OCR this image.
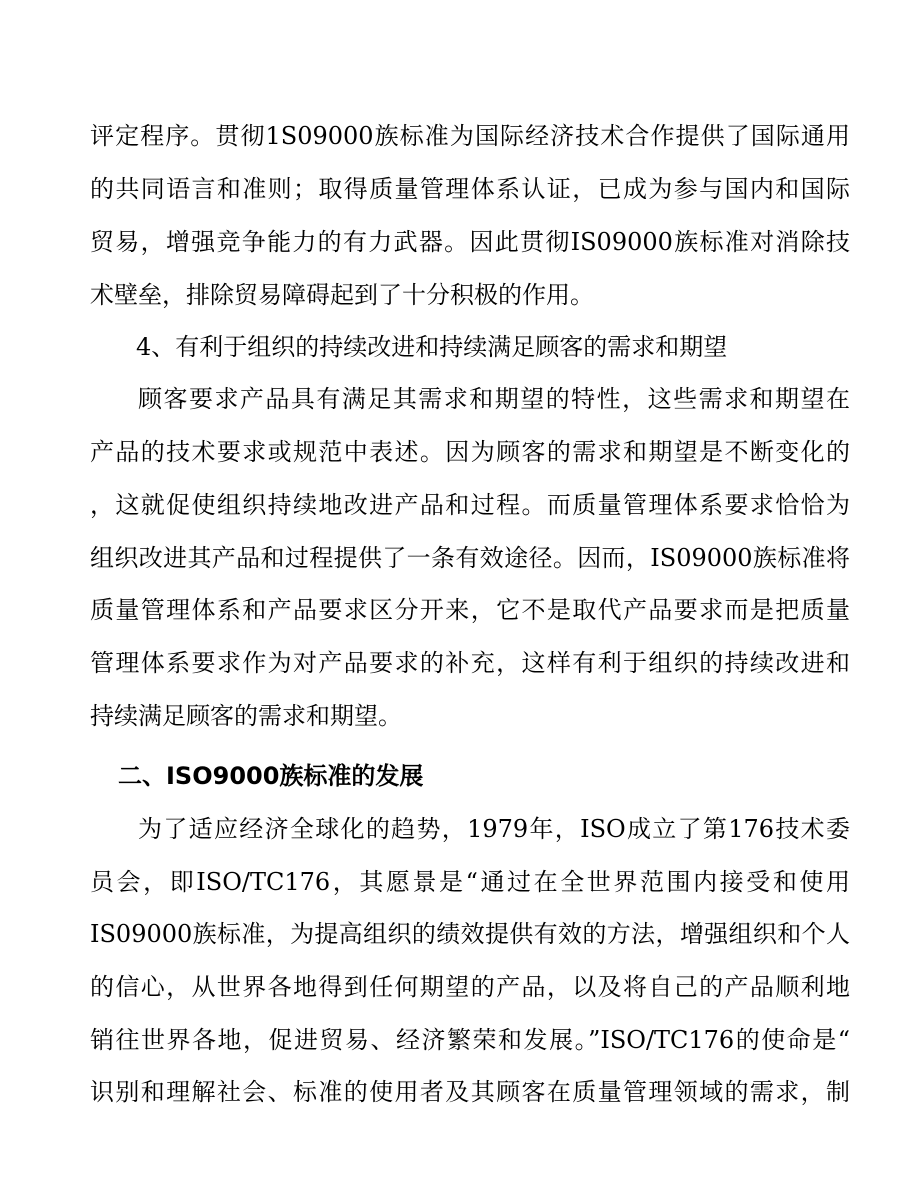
评定程序。贯彻1S09000族标准为国际经济技术合作提供了国际通用
的共同语言和准则；取得质量管理体系认证，已成为参与国内和国际
贸易，增强竞争能力的有力武器。因此贯彻IS09000族标准对消除技
术壁垒，排除贸易障碍起到了十分积极的作用。
4、有利于组织的持续改进和持续满足顾客的需求和期望
顾客要求产品具有满足其需求和期望的特性，这些需求和期望在
产品的技术要求或规范中表述。因为顾客的需求和期望是不断变化的
，这就促使组织持续地改进产品和过程。而质量管理体系要求恰恰为
组织改进其产品和过程提供了一条有效途径。因而，IS09000族标准将
质量管理体系和产品要求区分开来，它不是取代产品要求而是把质量
管理体系要求作为对产品要求的补充，这样有利于组织的持续改进和
持续满足顾客的需求和期望。
二、ISO9000族标准的发展
为了适应经济全球化的趋势，1979年，ISO成立了第176技术委
员会，即ISO/TC176，其愿景是“通过在全世界范围内接受和使用
IS09000族标准，为提高组织的绩效提供有效的方法，增强组织和个人
的信心，从世界各地得到任何期望的产品，以及将自己的产品顺利地
销往世界各地，促进贸易、经济繁荣和发展。”ISO/TC176的使命是“
识别和理解社会、标准的使用者及其顾客在质量管理领域的需求，制
